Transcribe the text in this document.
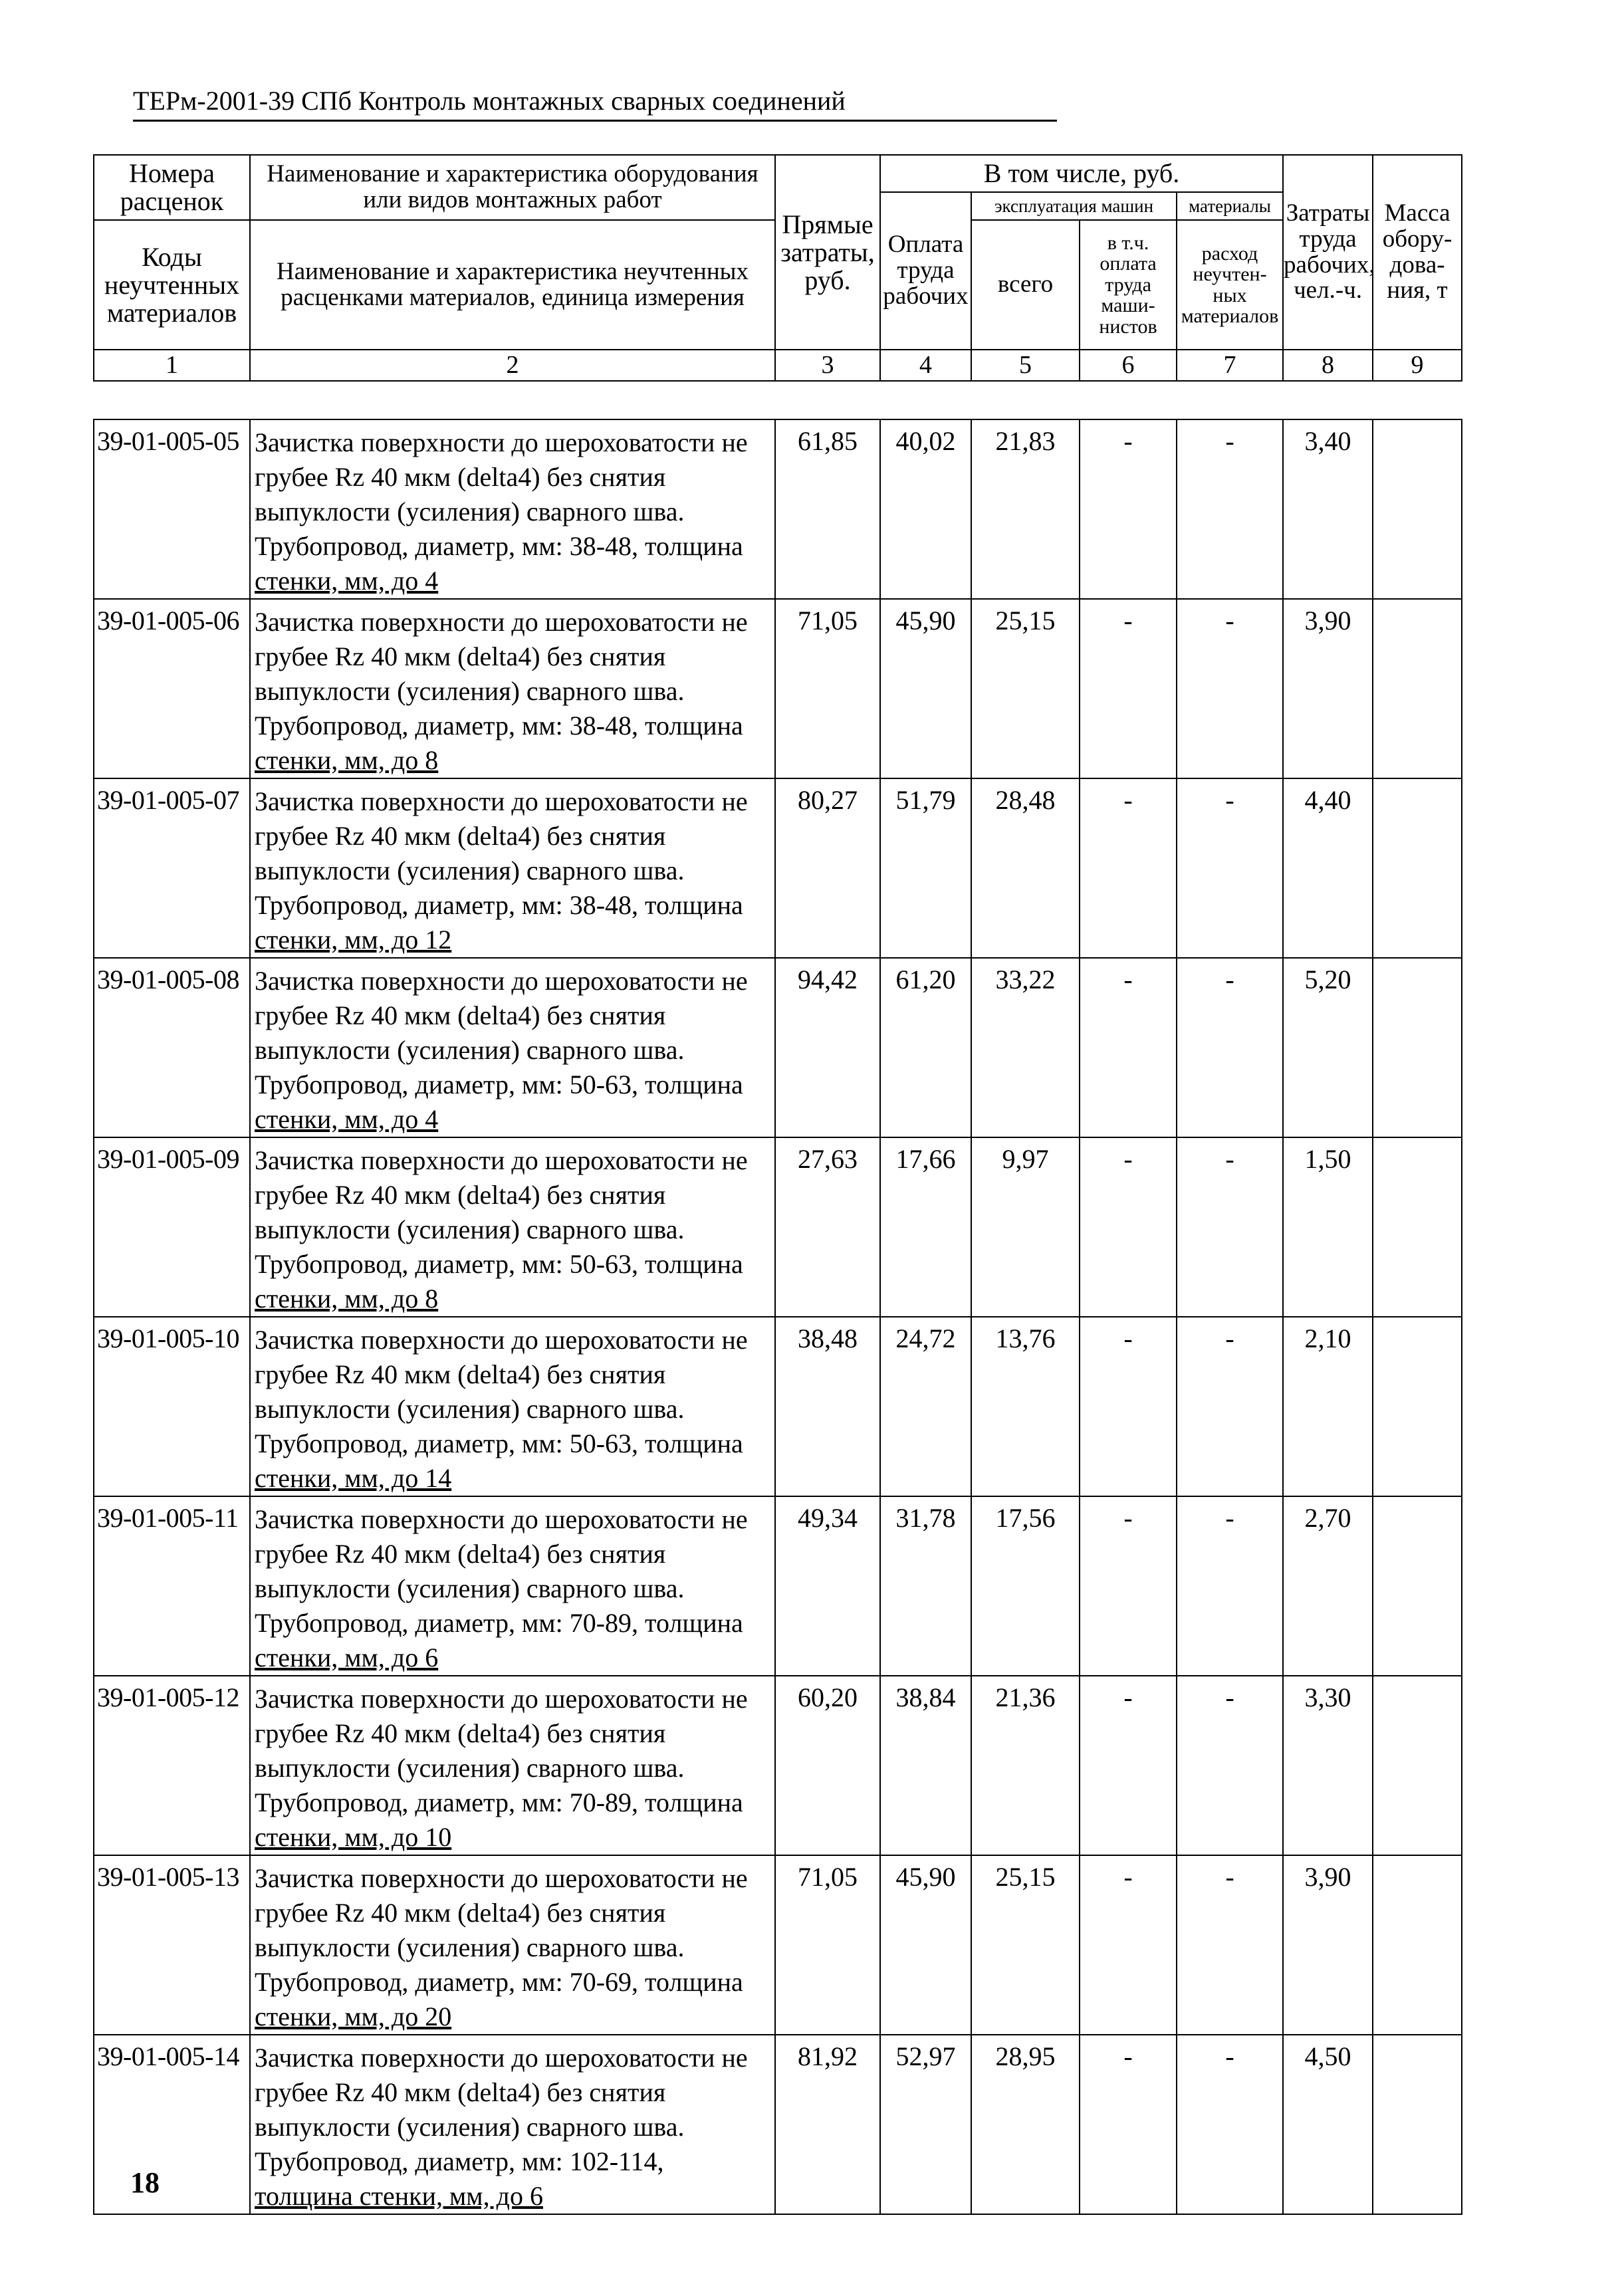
ТЕРм-2001-39 СПб Контроль монтажных сварных соединений
Номера расценок	Наименование и характеристика оборудования или видов монтажных работ	Прямые затраты, руб.	В том числе, руб.				Затраты труда рабочих, чел.-ч.	Масса обору-дова-ния, т
			Оплата труда рабочих	эксплуатация машин		материалы		
Коды неучтенных материалов	Наименование и характеристика неучтенных расценками материалов, единица измерения			всего	в т.ч. оплата труда маши-нистов	расход неучтен-ных материалов		

1	2	3	4	5	6	7	8	9
39-01-005-05	Зачистка поверхности до шероховатости не
грубее Rz 40 мкм (delta4) без снятия
выпуклости (усиления) сварного шва.
Трубопровод, диаметр, мм: 38-48, толщина
стенки, мм, до 4	61,85	40,02	21,83	-	-	3,40	
39-01-005-06	Зачистка поверхности до шероховатости не
грубее Rz 40 мкм (delta4) без снятия
выпуклости (усиления) сварного шва.
Трубопровод, диаметр, мм: 38-48, толщина
стенки, мм, до 8	71,05	45,90	25,15	-	-	3,90	
39-01-005-07	Зачистка поверхности до шероховатости не
грубее Rz 40 мкм (delta4) без снятия
выпуклости (усиления) сварного шва.
Трубопровод, диаметр, мм: 38-48, толщина
стенки, мм, до 12	80,27	51,79	28,48	-	-	4,40	
39-01-005-08	Зачистка поверхности до шероховатости не
грубее Rz 40 мкм (delta4) без снятия
выпуклости (усиления) сварного шва.
Трубопровод, диаметр, мм: 50-63, толщина
стенки, мм, до 4	94,42	61,20	33,22	-	-	5,20	
39-01-005-09	Зачистка поверхности до шероховатости не
грубее Rz 40 мкм (delta4) без снятия
выпуклости (усиления) сварного шва.
Трубопровод, диаметр, мм: 50-63, толщина
стенки, мм, до 8	27,63	17,66	9,97	-	-	1,50	
39-01-005-10	Зачистка поверхности до шероховатости не
грубее Rz 40 мкм (delta4) без снятия
выпуклости (усиления) сварного шва.
Трубопровод, диаметр, мм: 50-63, толщина
стенки, мм, до 14	38,48	24,72	13,76	-	-	2,10	
39-01-005-11	Зачистка поверхности до шероховатости не
грубее Rz 40 мкм (delta4) без снятия
выпуклости (усиления) сварного шва.
Трубопровод, диаметр, мм: 70-89, толщина
стенки, мм, до 6	49,34	31,78	17,56	-	-	2,70	
39-01-005-12	Зачистка поверхности до шероховатости не
грубее Rz 40 мкм (delta4) без снятия
выпуклости (усиления) сварного шва.
Трубопровод, диаметр, мм: 70-89, толщина
стенки, мм, до 10	60,20	38,84	21,36	-	-	3,30	
39-01-005-13	Зачистка поверхности до шероховатости не
грубее Rz 40 мкм (delta4) без снятия
выпуклости (усиления) сварного шва.
Трубопровод, диаметр, мм: 70-69, толщина
стенки, мм, до 20	71,05	45,90	25,15	-	-	3,90	
39-01-005-14	Зачистка поверхности до шероховатости не
грубее Rz 40 мкм (delta4) без снятия
выпуклости (усиления) сварного шва.
Трубопровод, диаметр, мм: 102-114,
толщина стенки, мм, до 6	81,92	52,97	28,95	-	-	4,50	
18
